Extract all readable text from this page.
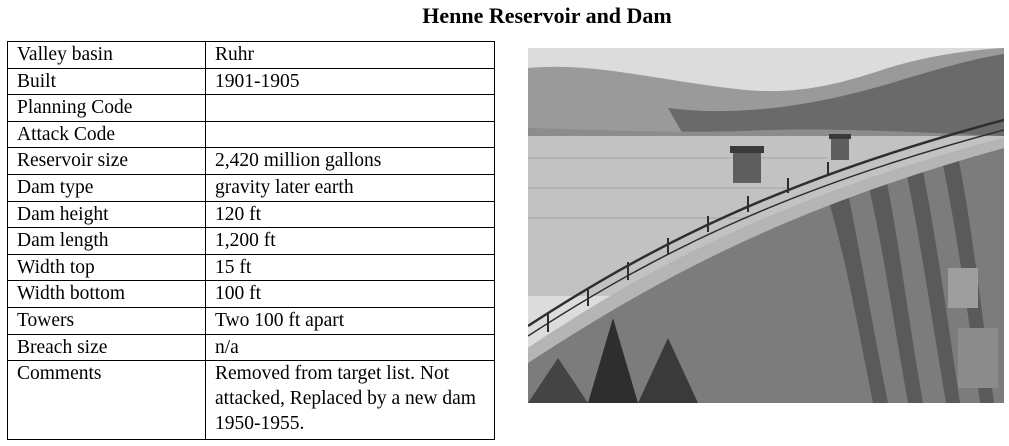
Henne Reservoir and Dam
Valley basin	Ruhr
Built	1901-1905
Planning Code	
Attack Code	
Reservoir size	2,420 million gallons
Dam type	gravity later earth
Dam height	120 ft
Dam length	1,200 ft
Width top	15 ft
Width bottom	100 ft
Towers	Two 100 ft apart
Breach size	n/a
Comments	Removed from target list. Not attacked, Replaced by a new dam 1950-1955.
